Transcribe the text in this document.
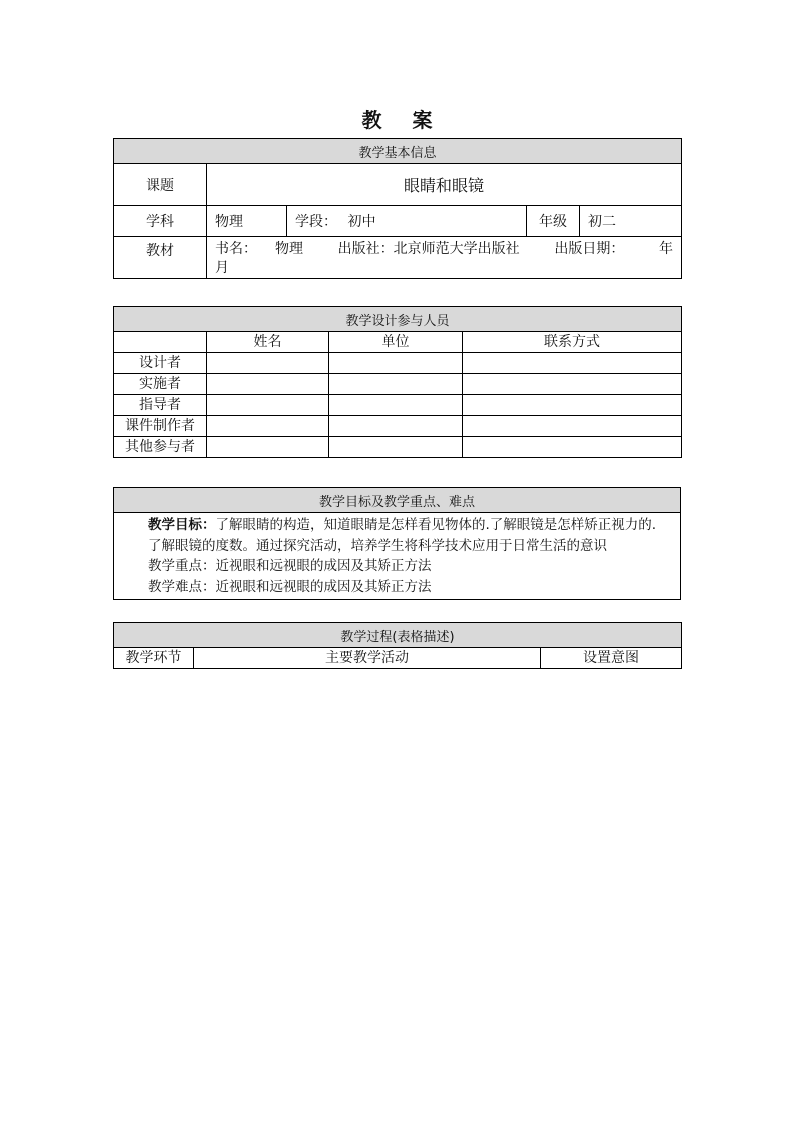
教 案
教学基本信息				
课题	眼睛和眼镜			
学科	物理	学段： 初中	年级	初二
教材	书名： 物理 出版社：北京师范大学出版社 出版日期： 年
月			
教学设计参与人员			
	姓名	单位	联系方式
设计者			
实施者			
指导者			
课件制作者			
其他参与者			
教学目标及教学重点、难点

教学目标：了解眼睛的构造，知道眼睛是怎样看见物体的.了解眼镜是怎样矫正视力的.
了解眼镜的度数。通过探究活动，培养学生将科学技术应用于日常生活的意识
教学重点：近视眼和远视眼的成因及其矫正方法
教学难点：近视眼和远视眼的成因及其矫正方法
教学过程(表格描述)
教学环节	主要教学活动	设置意图
